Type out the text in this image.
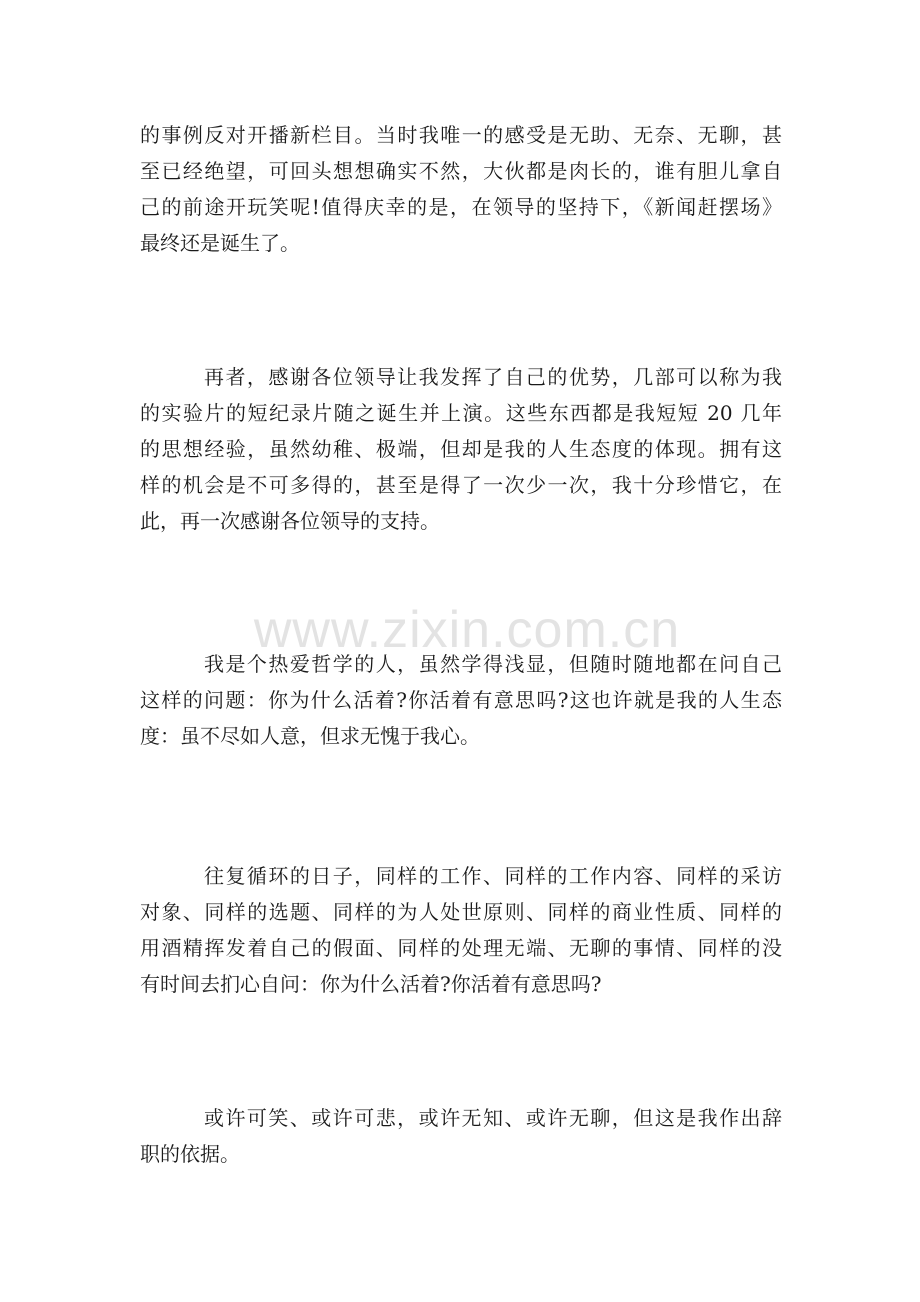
www.zixin.com.cn
的事例反对开播新栏目。当时我唯一的感受是无助、无奈、无聊，甚
至已经绝望，可回头想想确实不然，大伙都是肉长的，谁有胆儿拿自
己的前途开玩笑呢!值得庆幸的是，在领导的坚持下，《新闻赶摆场》
最终还是诞生了。
再者，感谢各位领导让我发挥了自己的优势，几部可以称为我
的实验片的短纪录片随之诞生并上演。这些东西都是我短短 20 几年
的思想经验，虽然幼稚、极端，但却是我的人生态度的体现。拥有这
样的机会是不可多得的，甚至是得了一次少一次，我十分珍惜它，在
此，再一次感谢各位领导的支持。
我是个热爱哲学的人，虽然学得浅显，但随时随地都在问自己
这样的问题：你为什么活着?你活着有意思吗?这也许就是我的人生态
度：虽不尽如人意，但求无愧于我心。
往复循环的日子，同样的工作、同样的工作内容、同样的采访
对象、同样的选题、同样的为人处世原则、同样的商业性质、同样的
用酒精挥发着自己的假面、同样的处理无端、无聊的事情、同样的没
有时间去扪心自问：你为什么活着?你活着有意思吗?
或许可笑、或许可悲，或许无知、或许无聊，但这是我作出辞
职的依据。
